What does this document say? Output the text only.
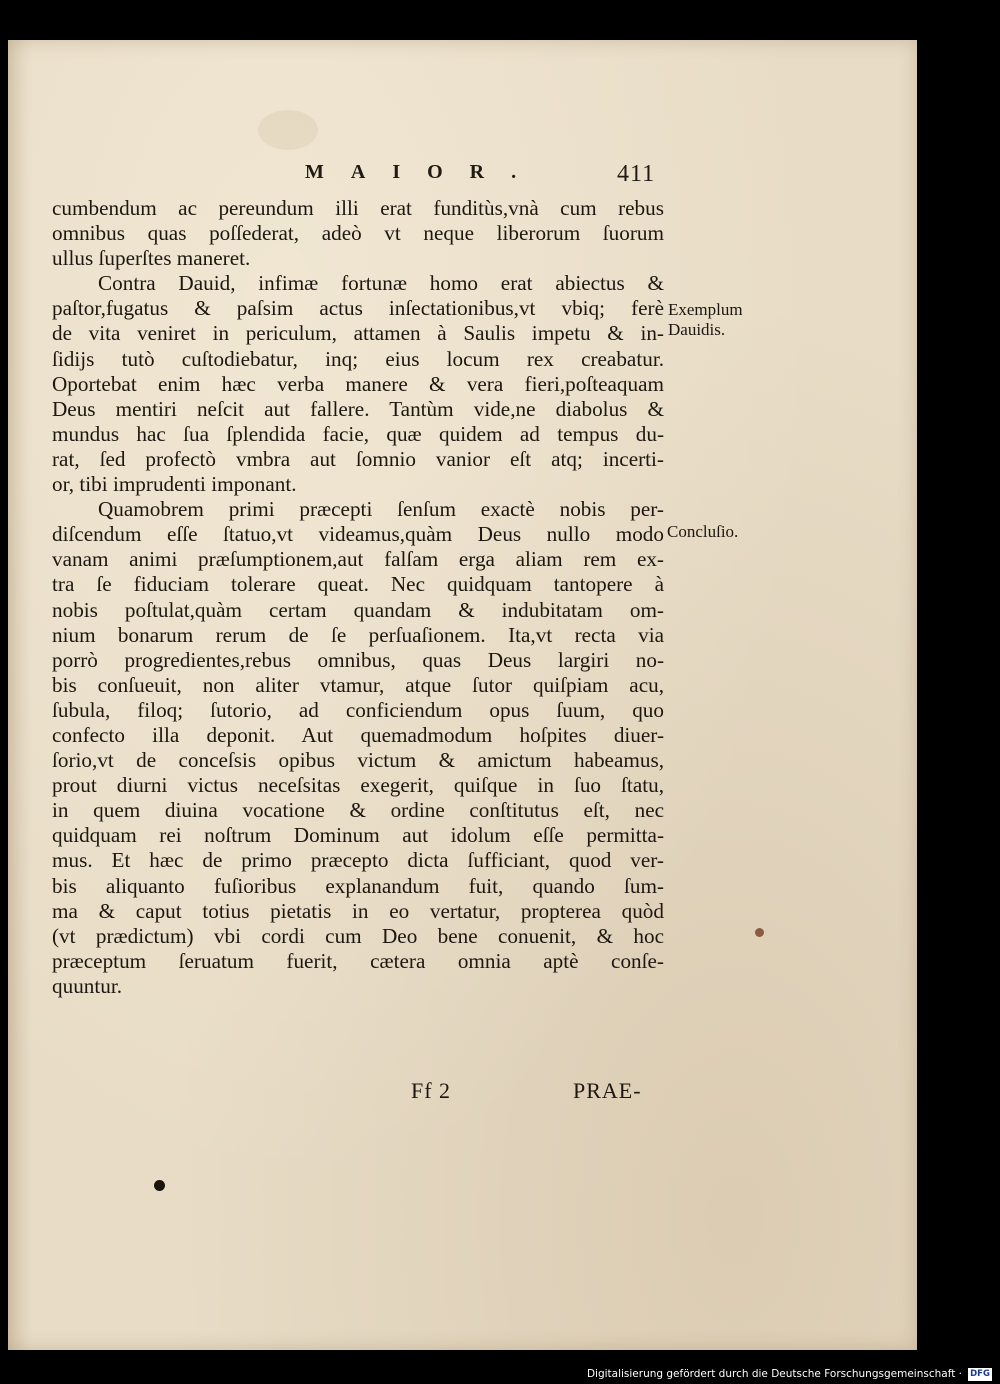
MAIOR.	411
cumbendum ac pereundum illi erat funditùs,vnà cum rebus
omnibus quas poſſederat, adeò vt neque liberorum ſuorum
ullus ſuperſtes maneret.
Contra Dauid, infimæ fortunæ homo erat abiectus &
paſtor,fugatus & paſsim actus inſectationibus,vt vbiq; ferè
de vita veniret in periculum, attamen à Saulis impetu & in-
ſidijs tutò cuſtodiebatur, inq; eius locum rex creabatur.
Oportebat enim hæc verba manere & vera fieri,poſteaquam
Deus mentiri neſcit aut fallere. Tantùm vide,ne diabolus &
mundus hac ſua ſplendida facie, quæ quidem ad tempus du-
rat, ſed profectò vmbra aut ſomnio vanior eſt atq; incerti-
or, tibi imprudenti imponant.
Quamobrem primi præcepti ſenſum exactè nobis per-
diſcendum eſſe ſtatuo,vt videamus,quàm Deus nullo modo
vanam animi præſumptionem,aut falſam erga aliam rem ex-
tra ſe fiduciam tolerare queat. Nec quidquam tantopere à
nobis poſtulat,quàm certam quandam & indubitatam om-
nium bonarum rerum de ſe perſuaſionem. Ita,vt recta via
porrò progredientes,rebus omnibus, quas Deus largiri no-
bis conſueuit, non aliter vtamur, atque ſutor quiſpiam acu,
ſubula, filoq; ſutorio, ad conficiendum opus ſuum, quo
confecto illa deponit. Aut quemadmodum hoſpites diuer-
ſorio,vt de conceſsis opibus victum & amictum habeamus,
prout diurni victus neceſsitas exegerit, quiſque in ſuo ſtatu,
in quem diuina vocatione & ordine conſtitutus eſt, nec
quidquam rei noſtrum Dominum aut idolum eſſe permitta-
mus. Et hæc de primo præcepto dicta ſufficiant, quod ver-
bis aliquanto fuſioribus explanandum fuit, quando ſum-
ma & caput totius pietatis in eo vertatur, propterea quòd
(vt prædictum) vbi cordi cum Deo bene conuenit, & hoc
præceptum ſeruatum fuerit, cætera omnia aptè conſe-
quuntur.
Exemplum
Dauidis.
Concluſio.
Ff 2	PRAE-
Digitalisierung gefördert durch die Deutsche Forschungsgemeinschaft · DFG
